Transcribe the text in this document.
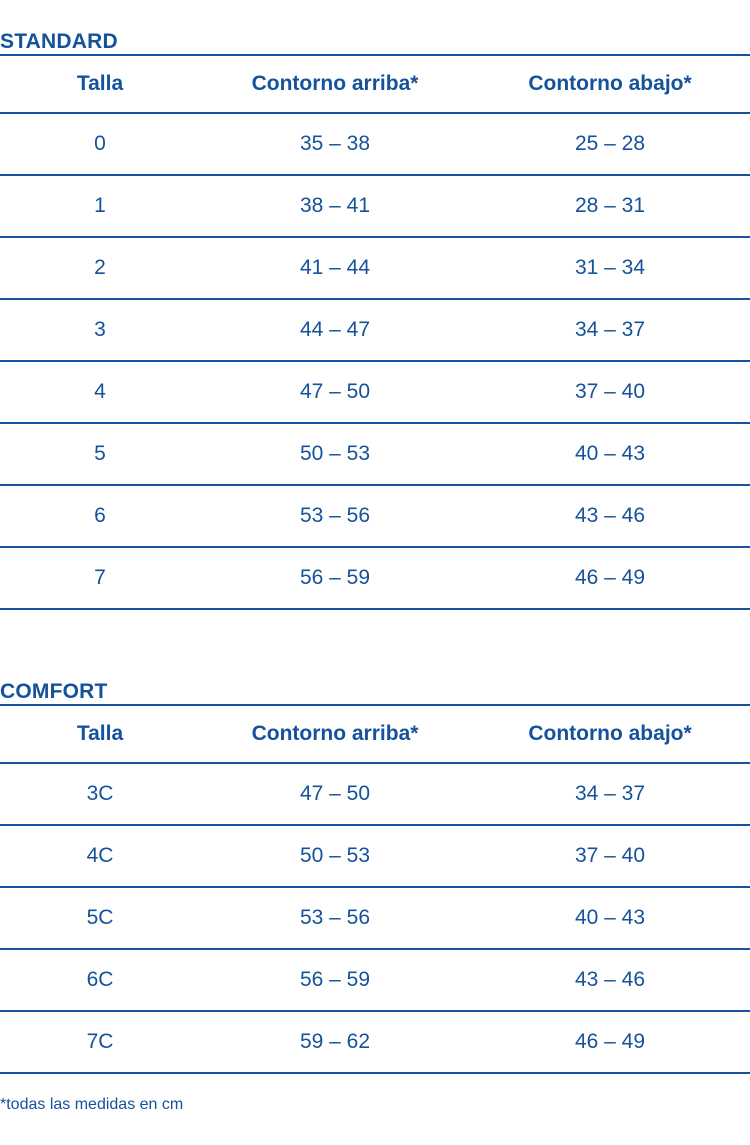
STANDARD
Talla	Contorno arriba*	Contorno abajo*
0	35 – 38	25 – 28
1	38 – 41	28 – 31
2	41 – 44	31 – 34
3	44 – 47	34 – 37
4	47 – 50	37 – 40
5	50 – 53	40 – 43
6	53 – 56	43 – 46
7	56 – 59	46 – 49
COMFORT
Talla	Contorno arriba*	Contorno abajo*
3C	47 – 50	34 – 37
4C	50 – 53	37 – 40
5C	53 – 56	40 – 43
6C	56 – 59	43 – 46
7C	59 – 62	46 – 49
*todas las medidas en cm
